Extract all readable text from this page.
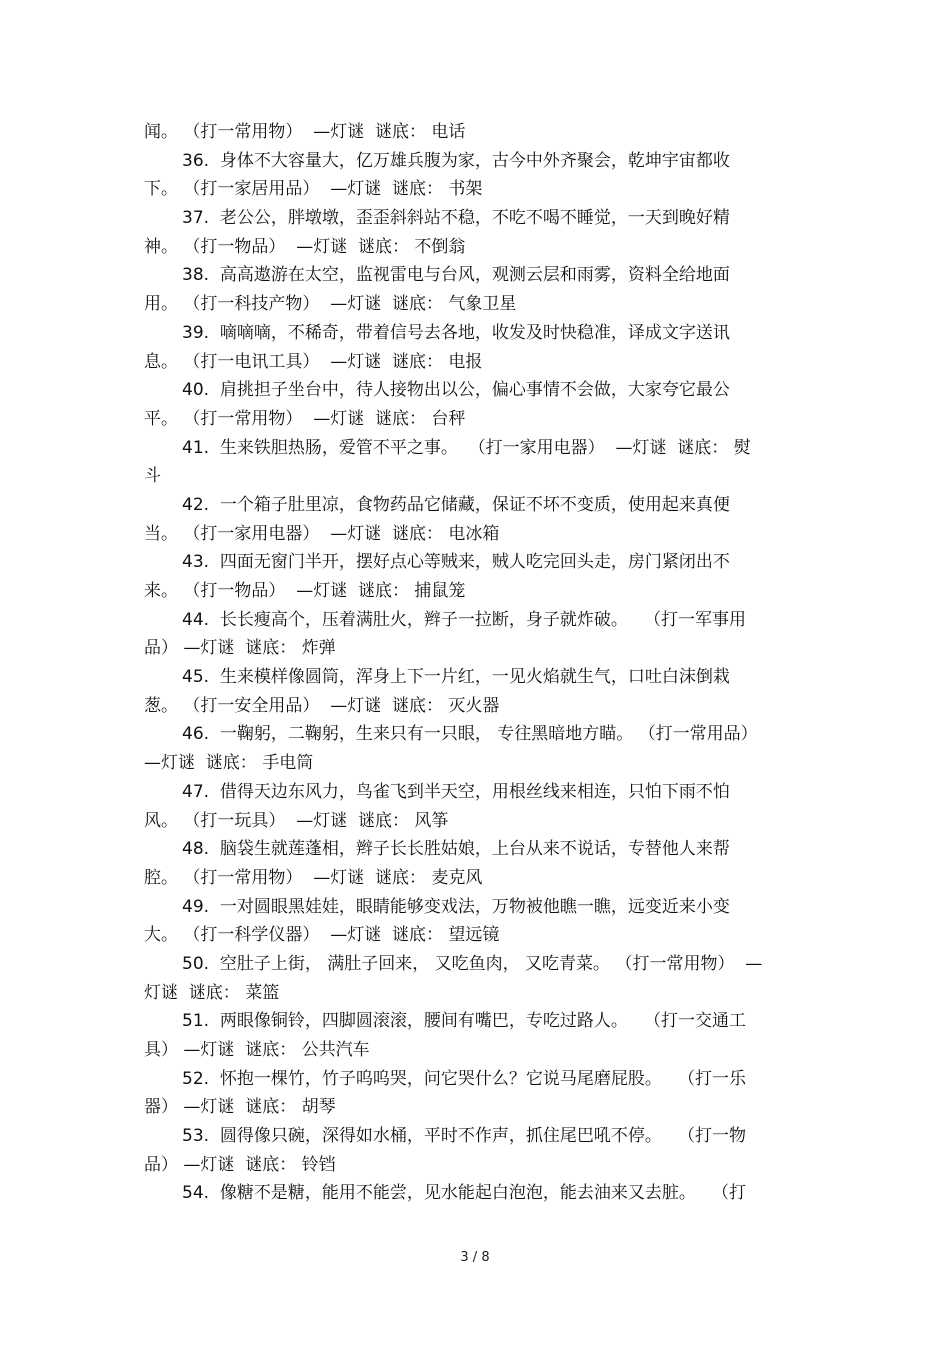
闻。 （打一常用物）  —灯谜  谜底： 电话
36.  身体不大容量大，亿万雄兵腹为家，古今中外齐聚会，乾坤宇宙都收
下。 （打一家居用品）  —灯谜  谜底： 书架
37.  老公公，胖墩墩，歪歪斜斜站不稳，不吃不喝不睡觉，一天到晚好精
神。 （打一物品）  —灯谜  谜底： 不倒翁
38.  高高遨游在太空，监视雷电与台风，观测云层和雨雾，资料全给地面
用。 （打一科技产物）  —灯谜  谜底： 气象卫星
39.  嘀嘀嘀，不稀奇，带着信号去各地，收发及时快稳准，译成文字送讯
息。 （打一电讯工具）  —灯谜  谜底： 电报
40.  肩挑担子坐台中，待人接物出以公，偏心事情不会做，大家夸它最公
平。 （打一常用物）  —灯谜  谜底： 台秤
41.  生来铁胆热肠，爱管不平之事。  （打一家用电器）  —灯谜  谜底： 熨
斗
42.  一个箱子肚里凉，食物药品它储藏，保证不坏不变质，使用起来真便
当。 （打一家用电器）  —灯谜  谜底： 电冰箱
43.  四面无窗门半开，摆好点心等贼来，贼人吃完回头走，房门紧闭出不
来。 （打一物品）  —灯谜  谜底： 捕鼠笼
44.  长长瘦高个，压着满肚火，辫子一拉断，身子就炸破。   （打一军事用
品） —灯谜  谜底： 炸弹
45.  生来模样像圆筒，浑身上下一片红，一见火焰就生气，口吐白沫倒栽
葱。 （打一安全用品）  —灯谜  谜底： 灭火器
46.  一鞠躬，二鞠躬，生来只有一只眼， 专往黑暗地方瞄。 （打一常用品）
—灯谜  谜底： 手电筒
47.  借得天边东风力，鸟雀飞到半天空，用根丝线来相连，只怕下雨不怕
风。 （打一玩具）  —灯谜  谜底： 风筝
48.  脑袋生就莲蓬相，辫子长长胜姑娘，上台从来不说话，专替他人来帮
腔。 （打一常用物）  —灯谜  谜底： 麦克风
49.  一对圆眼黑娃娃，眼睛能够变戏法，万物被他瞧一瞧，远变近来小变
大。 （打一科学仪器）  —灯谜  谜底： 望远镜
50.  空肚子上街， 满肚子回来， 又吃鱼肉， 又吃青菜。 （打一常用物）  —
灯谜  谜底： 菜篮
51.  两眼像铜铃，四脚圆滚滚，腰间有嘴巴，专吃过路人。   （打一交通工
具） —灯谜  谜底： 公共汽车
52.  怀抱一棵竹，竹子呜呜哭，问它哭什么？它说马尾磨屁股。   （打一乐
器） —灯谜  谜底： 胡琴
53.  圆得像只碗，深得如水桶，平时不作声，抓住尾巴吼不停。   （打一物
品） —灯谜  谜底： 铃铛
54.  像糖不是糖，能用不能尝，见水能起白泡泡，能去油来又去脏。   （打
3 / 8
